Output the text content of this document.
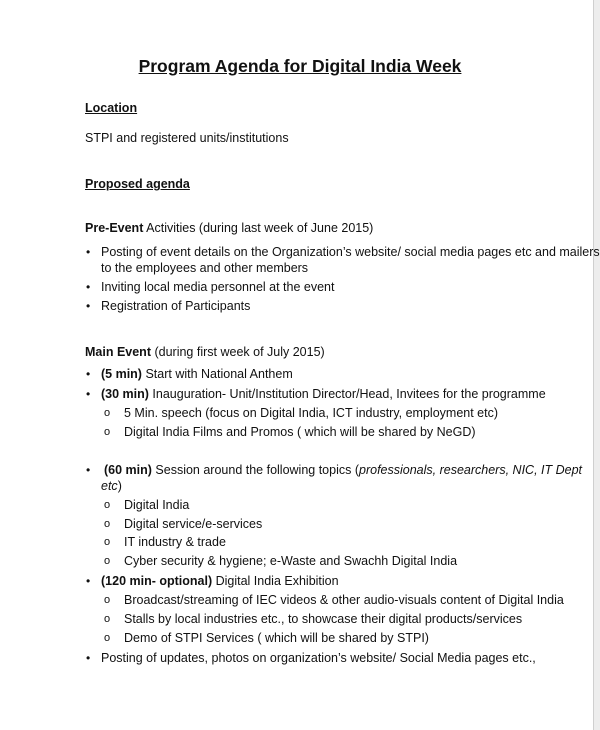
Program Agenda for Digital India Week
Location
STPI and registered units/institutions
Proposed agenda
Pre-Event Activities (during last week of June 2015)
• Posting of event details on the Organization’s website/ social media pages etc and mailers
to the employees and other members
• Inviting local media personnel at the event
• Registration of Participants
Main Event (during first week of July 2015)
• (5 min) Start with National Anthem
• (30 min) Inauguration- Unit/Institution Director/Head, Invitees for the programme
o 5 Min. speech (focus on Digital India, ICT industry, employment etc)
o Digital India Films and Promos ( which will be shared by NeGD)
• (60 min) Session around the following topics (professionals, researchers, NIC, IT Dept
etc)
o Digital India
o Digital service/e-services
o IT industry & trade
o Cyber security & hygiene; e-Waste and Swachh Digital India
• (120 min- optional) Digital India Exhibition
o Broadcast/streaming of IEC videos & other audio-visuals content of Digital India
o Stalls by local industries etc., to showcase their digital products/services
o Demo of STPI Services ( which will be shared by STPI)
• Posting of updates, photos on organization’s website/ Social Media pages etc.,
